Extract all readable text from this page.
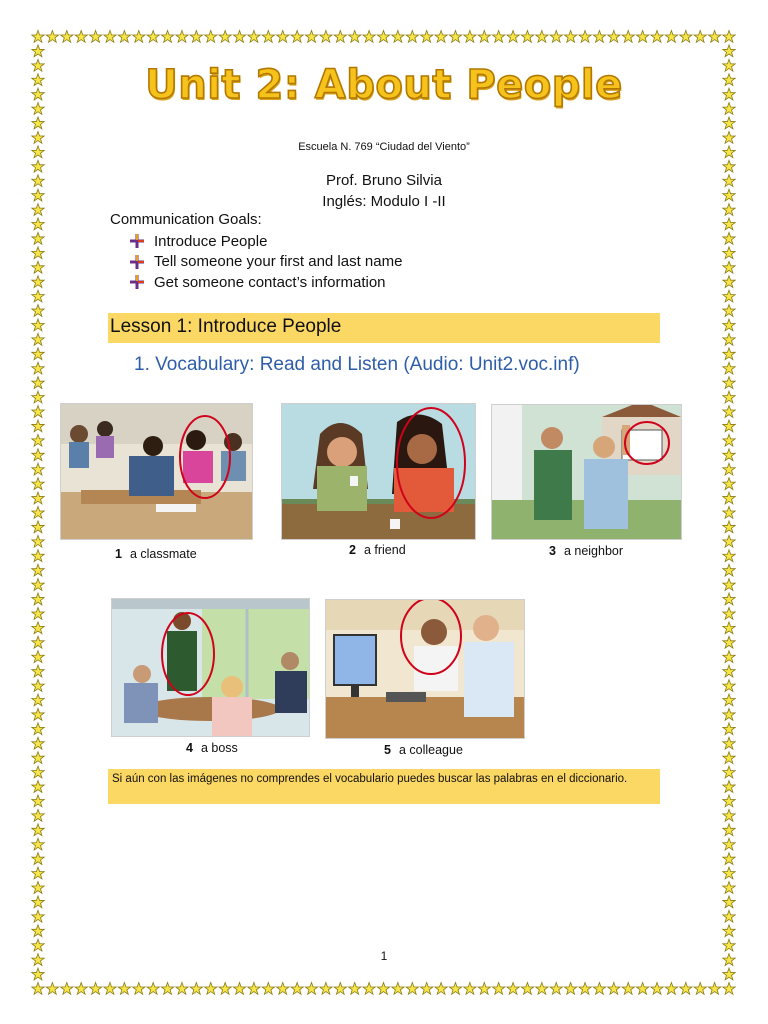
Unit 2: About People
Escuela N. 769 “Ciudad del Viento”
Prof. Bruno Silvia
Inglés: Modulo I -II
Communication Goals:
Introduce People
Tell someone your first and last name
Get someone contact’s information
Lesson 1: Introduce People
1. Vocabulary: Read and Listen (Audio: Unit2.voc.inf)
1 a classmate	2 a friend	3 a neighbor
4 a boss	5 a colleague
Si aún con las imágenes no comprendes el vocabulario puedes buscar las palabras en el diccionario.
1
